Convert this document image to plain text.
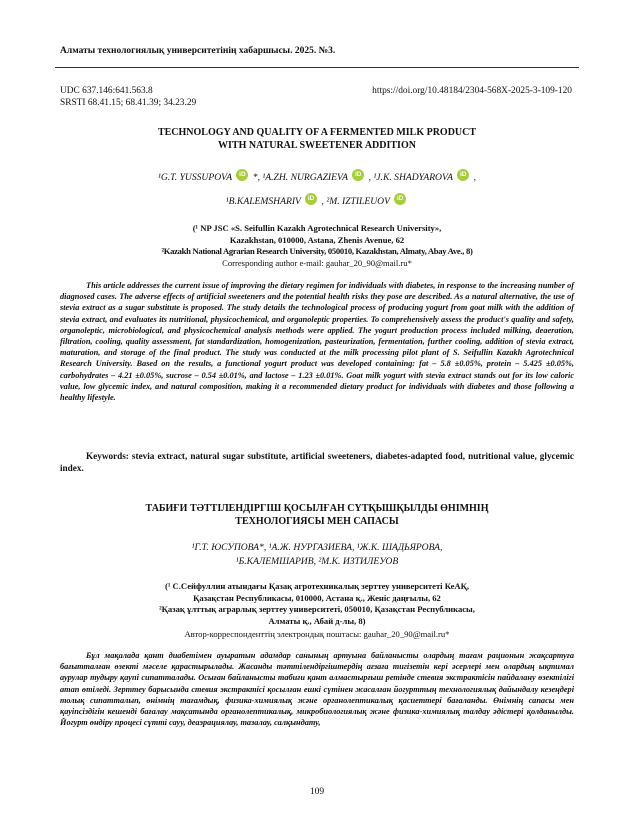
Алматы технологиялық университетінің хабаршысы. 2025. №3.
UDC 637.146:641.563.8	https://doi.org/10.48184/2304-568X-2025-3-109-120
SRSTI 68.41.15; 68.41.39; 34.23.29
TECHNOLOGY AND QUALITY OF A FERMENTED MILK PRODUCT
WITH NATURAL SWEETENER ADDITION
¹G.T. YUSSUPOVA iD *, ¹A.ZH. NURGAZIEVA iD , ¹J.K. SHADYAROVA iD ,
¹B.KALEMSHARIV iD , ²M. IZTILEUOV iD
(¹ NP JSC «S. Seifullin Kazakh Agrotechnical Research University»,
Kazakhstan, 010000, Astana, Zhenis Avenue, 62
²Kazakh National Agrarian Research University, 050010, Kazakhstan, Almaty, Abay Ave., 8)
Corresponding author e-mail: gauhar_20_90@mail.ru*
This article addresses the current issue of improving the dietary regimen for individuals with diabetes, in response to the increasing number of diagnosed cases. The adverse effects of artificial sweeteners and the potential health risks they pose are described. As a natural alternative, the use of stevia extract as a sugar substitute is proposed. The study details the technological process of producing yogurt from goat milk with the addition of stevia extract, and evaluates its nutritional, physicochemical, and organoleptic properties. To comprehensively assess the product's quality and safety, organoleptic, microbiological, and physicochemical analysis methods were applied. The yogurt production process included milking, deaeration, filtration, cooling, quality assessment, fat standardization, homogenization, pasteurization, fermentation, further cooling, addition of stevia extract, maturation, and storage of the final product. The study was conducted at the milk processing pilot plant of S. Seifullin Kazakh Agrotechnical Research University. Based on the results, a functional yogurt product was developed containing: fat – 5.8 ±0.05%, protein – 5.425 ±0.05%, carbohydrates – 4.21 ±0.05%, sucrose – 0.54 ±0.01%, and lactose – 1.23 ±0.01%. Goat milk yogurt with stevia extract stands out for its low caloric value, low glycemic index, and natural composition, making it a recommended dietary product for individuals with diabetes and those following a healthy lifestyle.
Keywords: stevia extract, natural sugar substitute, artificial sweeteners, diabetes-adapted food, nutritional value, glycemic index.
ТАБИҒИ ТӘТТІЛЕНДІРГІШ ҚОСЫЛҒАН СҮТҚЫШҚЫЛДЫ ӨНІМНІҢ
ТЕХНОЛОГИЯСЫ МЕН САПАСЫ
¹Г.Т. ЮСУПОВА*, ¹А.Ж. НУРГАЗИЕВА, ¹Ж.К. ШАДЬЯРОВА,
¹Б.КАЛЕМШАРИВ, ²М.К. ИЗТИЛЕУОВ
(¹ С.Сейфуллин атындағы Қазақ агротехникалық зерттеу университеті КеАҚ,
Қазақстан Республикасы, 010000, Астана қ., Женіс даңғылы, 62
²Қазақ ұлттық аграрлық зерттеу университеті, 050010, Қазақстан Республикасы,
Алматы қ., Абай д-лы, 8)
Автор-корреспонденттің электрондық поштасы: gauhar_20_90@mail.ru*
Бұл мақалада қант диабетімен ауыратын адамдар санының артуына байланысты олардың тағам рационын жақсартуға бағытталған өзекті мәселе қарастырылады. Жасанды тәттілендіргіштердің ағзаға тигізетін кері әсерлері мен олардың ықтимал аурулар тудыру қаупі сипатталады. Осыған байланысты табиғи қант алмастырғыш ретінде стевия экстрактісін пайдалану өзектілігі атап өтіледі. Зерттеу барысында стевия экстрактісі қосылған ешкі сүтінен жасалған йогурттың технологиялық дайындалу кезеңдері толық сипатталып, өнімнің тағамдық, физика-химиялық және органолептикалық қасиеттері бағаланды. Өнімнің сапасы мен қауіпсіздігін кешенді бағалау мақсатында органолептикалық, микробиологиялық және физика-химиялық талдау әдістері қолданылды. Йогурт өндіру процесі сүтті сауу, деаэрациялау, тазалау, салқындату,
109
